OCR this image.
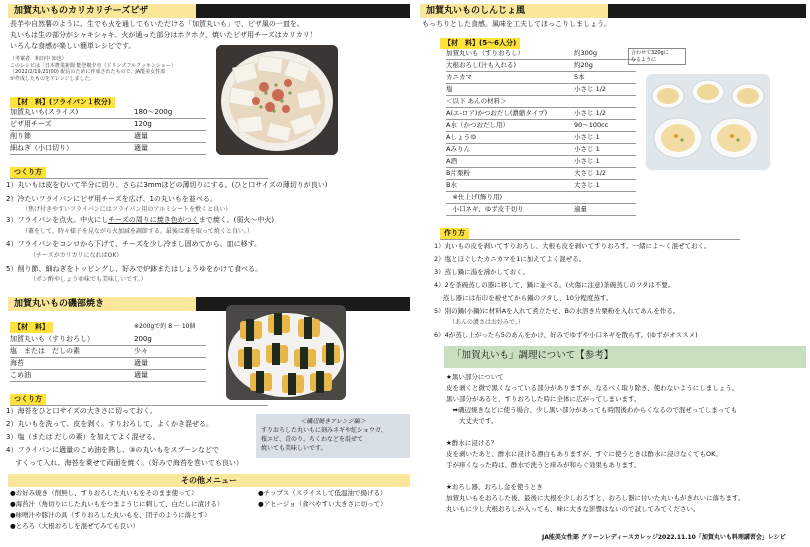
加賀丸いものカリカリチーズピザ
長芋や自然薯のように、生でも火を通してもいただける「加賀丸いも」で、ピザ風の一皿を。
丸いもは生の部分がシャキシャキ、火が通った部分はホクホク、焼いたピザ用チーズはカリカリ！
いろんな食感が楽しい簡単レシピです。
（考案者　和田中 知也）
このレシピは「日本農業新聞 能登朝夕市（ドリンズフルクッキンショー）
（2022/2/19,21(00) 配信のために作成されたもので、JA能美女性部
が作成したものをアレンジしました。
【材　料】(フライパン１枚分)
加賀丸いも(スライス)	180～200g
ピザ用チーズ	120g
削り節	適量
細ねぎ（小口切り）	適量
つくり方
1）丸いもは皮をむいて半分に切り、さらに3mmほどの薄切りにする。(ひと口サイズの薄切りが良い)
2）冷たいフライパンにピザ用チーズを広げ、1の丸いもを並べる。
（焦げ付きやすいフライパンにはフライパン用のアルミシートを敷くと良い）
3）フライパンを点火。中火にしチーズの周りに焼き色がつくまで焼く。(弱火～中火)
（蓋をして、時々様子を見ながら火加減を調節する。最後は蓋を取って焼くと良い。）
4）フライパンをコンロから下げて、チーズを少し冷まし固めてから、皿に移す。
（チーズがカリカリになればOK）
5）削り節、細ねぎをトッピングし、好みで炉鉢またはしょうゆをかけて食べる。
（ポン酢やしょうゆ味でも美味しいです。）
加賀丸いもの磯部焼き
【材　料】	※200gで約 8 ～ 10個
加賀丸いも（すりおろし）	200g
塩　または　だしの素	少々
海苔	適量
こめ油	適量
つくり方
1）海苔をひと口サイズの大きさに切っておく。
2）丸いもを洗って、皮を剥く。すりおろして、よくかき混ぜる。
3）塩（または だしの素）を加えてよく混ぜる。
4）フライパンに適量のこめ油を熱し、③の丸いもをスプーンなどで
　 すくって入れ、海苔を乗せて両面を焼く。（好みで海苔を巻いても良い）
＜磯辺焼きアレンジ編＞
すりおろした丸いもに刻みネギや紅ショウガ、
桜エビ、青のり、ちくわなどを混ぜて
焼いても美味しいです。
その他メニュー
●お好み焼き（削無し、すりおろした丸いもをそのまま使って）
●海苔汁（角切りにした丸いもをつまようじに刺して、白だしに漬ける）
●味噌汁や豚汁の具（すりおろした丸いもを、団子のように落とす）
●とろろ（大根おろしを混ぜてみても良い）
●チップス（スライスして低温油で揚げる）
●アヒージョ（食べやすい大きさに切って）
加賀丸いものしんじょ風
もっちりとした食感。風味を工夫してほっこりしましょう。
【材　料】(5～6人分)
加賀丸いも（すりおろし）	約300g
大根おろし(汁も入れる)	約20g
カニカマ	5本
塩	小さじ 1/2
＜以下 あんの材料＞
A(エ-ロア)かつおだし(濃縮タイプ)	小さじ 1/2
A水（かつおだし用）	90～100cc
Aしょうゆ	小さじ 1
Aみりん	小さじ 1
A酒	小さじ 1
B片栗粉	大さじ 1/2
B水	大さじ 1
　※仕上げ(飾り用)
　小口ネギ、ゆず皮千切り	適量
合わせて320gに
なるように
作り方
1）丸いもの皮を剥いてすりおろし、大根も皮を剥いてすりおろす。一緒によ～く混ぜておく。
2）塩とほぐしたカニカマを1に加えてよく混ぜる。
3）蒸し鍋に湯を沸かしておく。
4）2を茶碗蒸しの器に移して、鍋に並べる。(火傷に注意)茶碗蒸しのフタは不要。
　 蒸し器には布巾を被せてから鍋のフタし、10分程度蒸す。
5）別の鍋(小鍋)に材料Aを入れて煮立たせ、Bの水溶き片栗粉を入れてあんを作る。
　　　（あんの濃さはお好みで。）
6）4が蒸し上がったら5のあんをかけ、好みでゆずや小口ネギを散らす。(ゆずがオススメ)
「加賀丸いも」調理について【参考】
★黒い部分について
皮を剥くと微で黒くなっている部分がありますが、なるべく取り除き、使わないようにしましょう。
黒い部分があると、すりおろした時に全体に広がってしまいます。
　➡磯辺焼きなどに使う場合、少し黒い部分があっても時間後わからくなるので混ぜってしまっても
　　大丈夫です。
★酢水に浸ける？
皮を剥いたあと、酢水に浸ける漂白もありますが、すぐに使うときは酢水に浸けなくてもOK。
手が痒くなった時は、酢水で洗うと痒みが和らぐ効果もあります。
★おろし器、おろし金を使うとき
加賀丸いもをおろした後、最後に大根を少しおろすと、おろし器に付いた丸いもがきれいに落ちます。
丸いもに少し大根おろしが入っても、味に大きな影響はないので試してみてください。
JA能美女性部 グリーンレディースカレッジ2022.11.10「加賀丸いも料理講習会」レシピ
